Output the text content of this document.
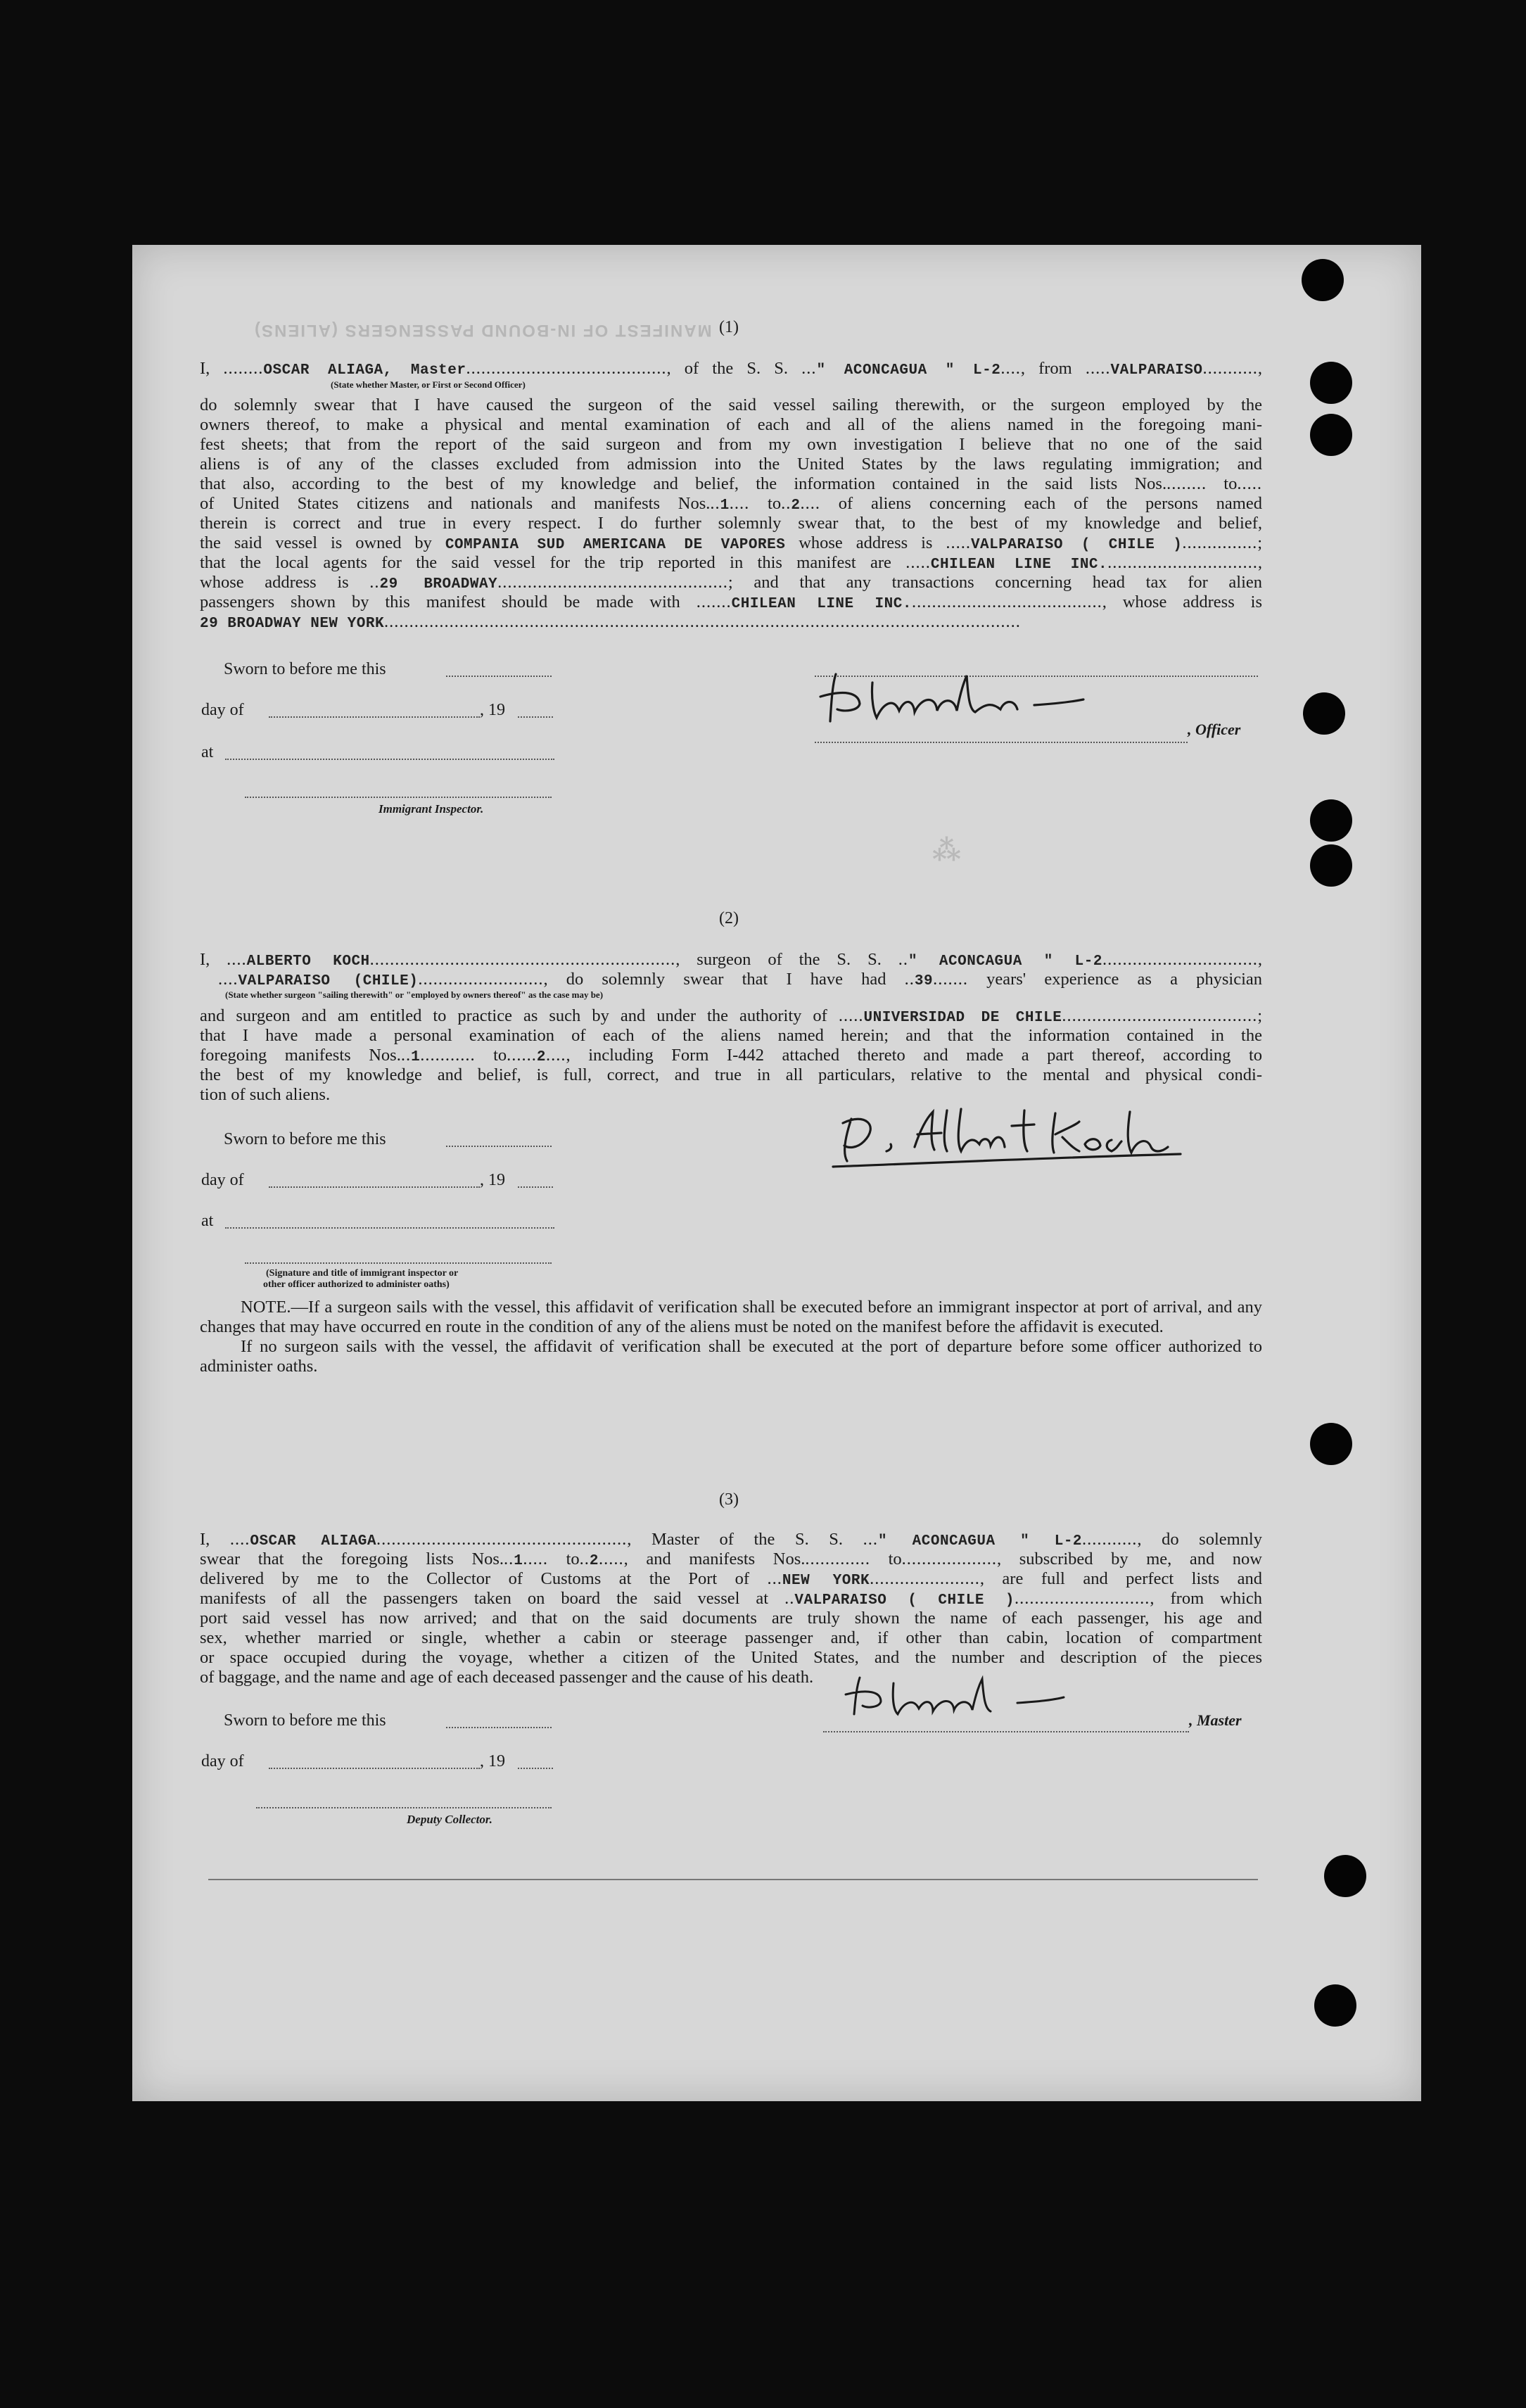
MANIFEST OF IN-BOUND PASSENGERS (ALIENS)
⁂
(1)
I, ........OSCAR ALIAGA, Master........................................, of the S. S. ..." ACONCAGUA " L-2...., from .....VALPARAISO...........,
(State whether Master, or First or Second Officer)
do solemnly swear that I have caused the surgeon of the said vessel sailing therewith, or the surgeon employed by the
owners thereof, to make a physical and mental examination of each and all of the aliens named in the foregoing mani-
fest sheets; that from the report of the said surgeon and from my own investigation I believe that no one of the said
aliens is of any of the classes excluded from admission into the United States by the laws regulating immigration; and
that also, according to the best of my knowledge and belief, the information contained in the said lists Nos......... to.....
of United States citizens and nationals and manifests Nos...1.... to..2.... of aliens concerning each of the persons named
therein is correct and true in every respect. I do further solemnly swear that, to the best of my knowledge and belief,
the said vessel is owned by COMPANIA SUD AMERICANA DE VAPORES whose address is .....VALPARAISO ( CHILE )...............;
that the local agents for the said vessel for the trip reported in this manifest are .....CHILEAN LINE INC...............................,
whose address is ..29 BROADWAY..............................................; and that any transactions concerning head tax for alien
passengers shown by this manifest should be made with .......CHILEAN LINE INC......................................., whose address is
29 BROADWAY NEW YORK...............................................................................................................................
Sworn to before me this
day of	, 19
, Officer
at
Immigrant Inspector.
(2)
I, ....ALBERTO KOCH............................................................., surgeon of the S. S. .." ACONCAGUA " L-2...............................,
....VALPARAISO (CHILE)........................., do solemnly swear that I have had ..39....... years' experience as a physician
(State whether surgeon "sailing therewith" or "employed by owners thereof" as the case may be)
and surgeon and am entitled to practice as such by and under the authority of .....UNIVERSIDAD DE CHILE.......................................;
that I have made a personal examination of each of the aliens named herein; and that the information contained in the
foregoing manifests Nos...1........... to......2...., including Form I-442 attached thereto and made a part thereof, according to
the best of my knowledge and belief, is full, correct, and true in all particulars, relative to the mental and physical condi-
tion of such aliens.
Sworn to before me this
day of	, 19
at
(Signature and title of immigrant inspector or
other officer authorized to administer oaths)

NOTE.—If a surgeon sails with the vessel, this affidavit of verification shall be executed before an immigrant inspector at port of arrival, and any changes that may have occurred en route in the condition of any of the aliens must be noted on the manifest before the affidavit is executed.

If no surgeon sails with the vessel, the affidavit of verification shall be executed at the port of departure before some officer authorized to administer oaths.

(3)
I, ....OSCAR ALIAGA.................................................., Master of the S. S. ..." ACONCAGUA " L-2..........., do solemnly
swear that the foregoing lists Nos...1..... to..2....., and manifests Nos.............. to..................., subscribed by me, and now
delivered by me to the Collector of Customs at the Port of ...NEW YORK......................, are full and perfect lists and
manifests of all the passengers taken on board the said vessel at ..VALPARAISO ( CHILE )..........................., from which
port said vessel has now arrived; and that on the said documents are truly shown the name of each passenger, his age and
sex, whether married or single, whether a cabin or steerage passenger and, if other than cabin, location of compartment
or space occupied during the voyage, whether a citizen of the United States, and the number and description of the pieces
of baggage, and the name and age of each deceased passenger and the cause of his death.
Sworn to before me this	, Master
day of	, 19
Deputy Collector.
